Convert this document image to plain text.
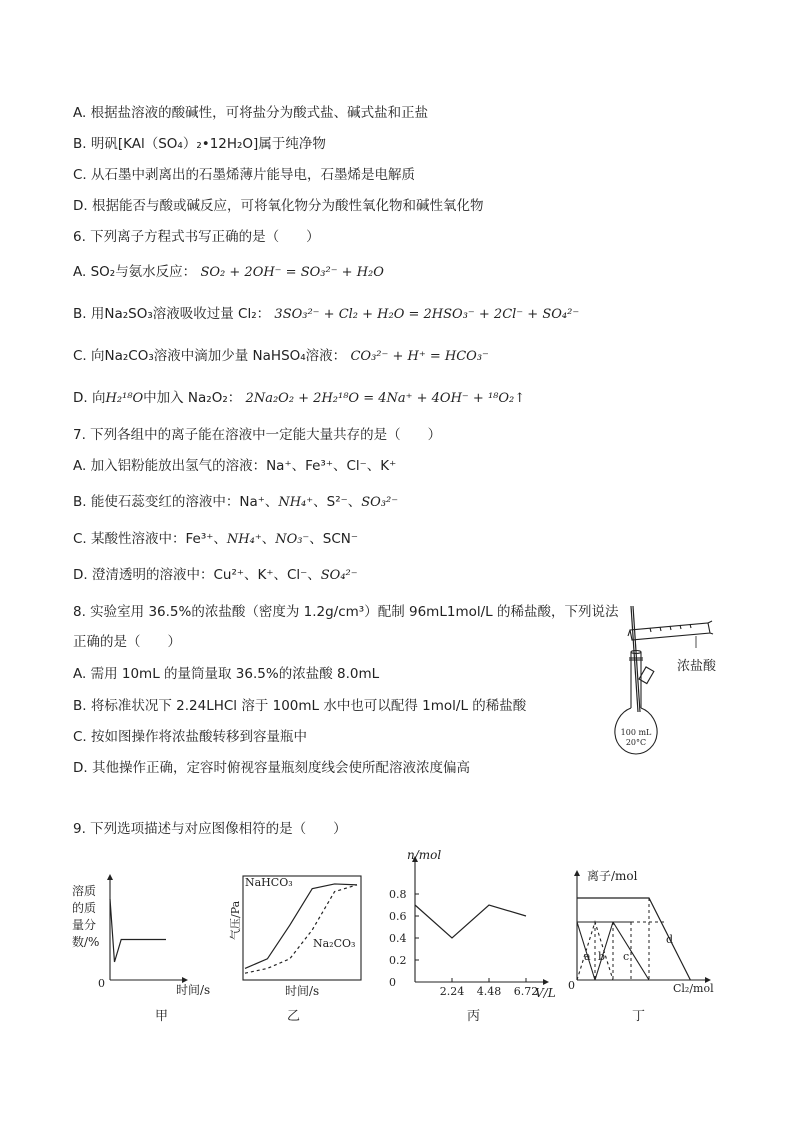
A. 根据盐溶液的酸碱性，可将盐分为酸式盐、碱式盐和正盐
B. 明矾[KAl（SO₄）₂•12H₂O]属于纯净物
C. 从石墨中剥离出的石墨烯薄片能导电，石墨烯是电解质
D. 根据能否与酸或碱反应，可将氧化物分为酸性氧化物和碱性氧化物
6. 下列离子方程式书写正确的是（　　）
A. SO₂与氨水反应： SO₂ + 2OH⁻ = SO₃²⁻ + H₂O
B. 用Na₂SO₃溶液吸收过量 Cl₂： 3SO₃²⁻ + Cl₂ + H₂O = 2HSO₃⁻ + 2Cl⁻ + SO₄²⁻
C. 向Na₂CO₃溶液中滴加少量 NaHSO₄溶液： CO₃²⁻ + H⁺ = HCO₃⁻
D. 向H₂¹⁸O中加入 Na₂O₂： 2Na₂O₂ + 2H₂¹⁸O = 4Na⁺ + 4OH⁻ + ¹⁸O₂↑
7. 下列各组中的离子能在溶液中一定能大量共存的是（　　）
A. 加入铝粉能放出氢气的溶液：Na⁺、Fe³⁺、Cl⁻、K⁺
B. 能使石蕊变红的溶液中：Na⁺、NH₄⁺、S²⁻、SO₃²⁻
C. 某酸性溶液中：Fe³⁺、NH₄⁺、NO₃⁻、SCN⁻
D. 澄清透明的溶液中：Cu²⁺、K⁺、Cl⁻、SO₄²⁻
8. 实验室用 36.5%的浓盐酸（密度为 1.2g/cm³）配制 96mL1mol/L 的稀盐酸，下列说法
正确的是（　　）
A. 需用 10mL 的量筒量取 36.5%的浓盐酸 8.0mL
B. 将标准状况下 2.24LHCl 溶于 100mL 水中也可以配得 1mol/L 的稀盐酸
C. 按如图操作将浓盐酸转移到容量瓶中
D. 其他操作正确，定容时俯视容量瓶刻度线会使所配溶液浓度偏高
100 mL
20°C
浓盐酸
9. 下列选项描述与对应图像相符的是（　　）
溶质
的质
量分
数/%
0	时间/s
甲
NaHCO₃
Na₂CO₃
气压/Pa
时间/s
乙
0.8
0.6
0.4
0.2
0
2.24 4.48 6.72
n/mol
V/L
丙
离子/mol
0	Cl₂/mol
a b c
d
丁
